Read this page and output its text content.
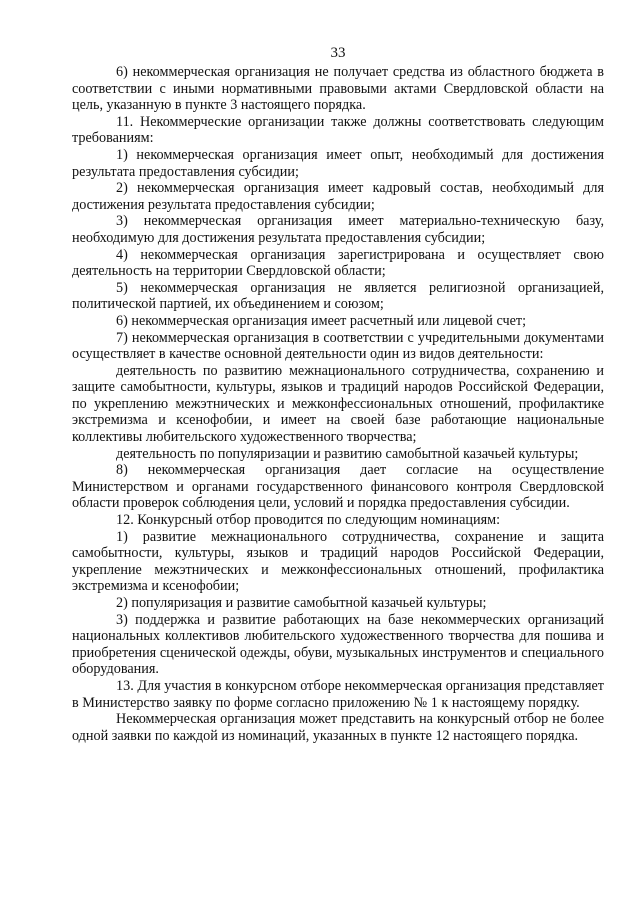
33

6) некоммерческая организация не получает средства из областного бюджета в соответствии с иными нормативными правовыми актами Свердловской области на цель, указанную в пункте 3 настоящего порядка.

11. Некоммерческие организации также должны соответствовать следующим требованиям:

1) некоммерческая организация имеет опыт, необходимый для достижения результата предоставления субсидии;

2) некоммерческая организация имеет кадровый состав, необходимый для достижения результата предоставления субсидии;

3) некоммерческая организация имеет материально-техническую базу, необходимую для достижения результата предоставления субсидии;

4) некоммерческая организация зарегистрирована и осуществляет свою деятельность на территории Свердловской области;

5) некоммерческая организация не является религиозной организацией, политической партией, их объединением и союзом;

6) некоммерческая организация имеет расчетный или лицевой счет;

7) некоммерческая организация в соответствии с учредительными документами осуществляет в качестве основной деятельности один из видов деятельности:

деятельность по развитию межнационального сотрудничества, сохранению и защите самобытности, культуры, языков и традиций народов Российской Федерации, по укреплению межэтнических и межконфессиональных отношений, профилактике экстремизма и ксенофобии, и имеет на своей базе работающие национальные коллективы любительского художественного творчества;

деятельность по популяризации и развитию самобытной казачьей культуры;

8) некоммерческая организация дает согласие на осуществление Министерством и органами государственного финансового контроля Свердловской области проверок соблюдения цели, условий и порядка предоставления субсидии.

12. Конкурсный отбор проводится по следующим номинациям:

1) развитие межнационального сотрудничества, сохранение и защита самобытности, культуры, языков и традиций народов Российской Федерации, укрепление межэтнических и межконфессиональных отношений, профилактика экстремизма и ксенофобии;

2) популяризация и развитие самобытной казачьей культуры;

3) поддержка и развитие работающих на базе некоммерческих организаций национальных коллективов любительского художественного творчества для пошива и приобретения сценической одежды, обуви, музыкальных инструментов и специального оборудования.

13. Для участия в конкурсном отборе некоммерческая организация представляет в Министерство заявку по форме согласно приложению № 1 к настоящему порядку.

Некоммерческая организация может представить на конкурсный отбор не более одной заявки по каждой из номинаций, указанных в пункте 12 настоящего порядка.
